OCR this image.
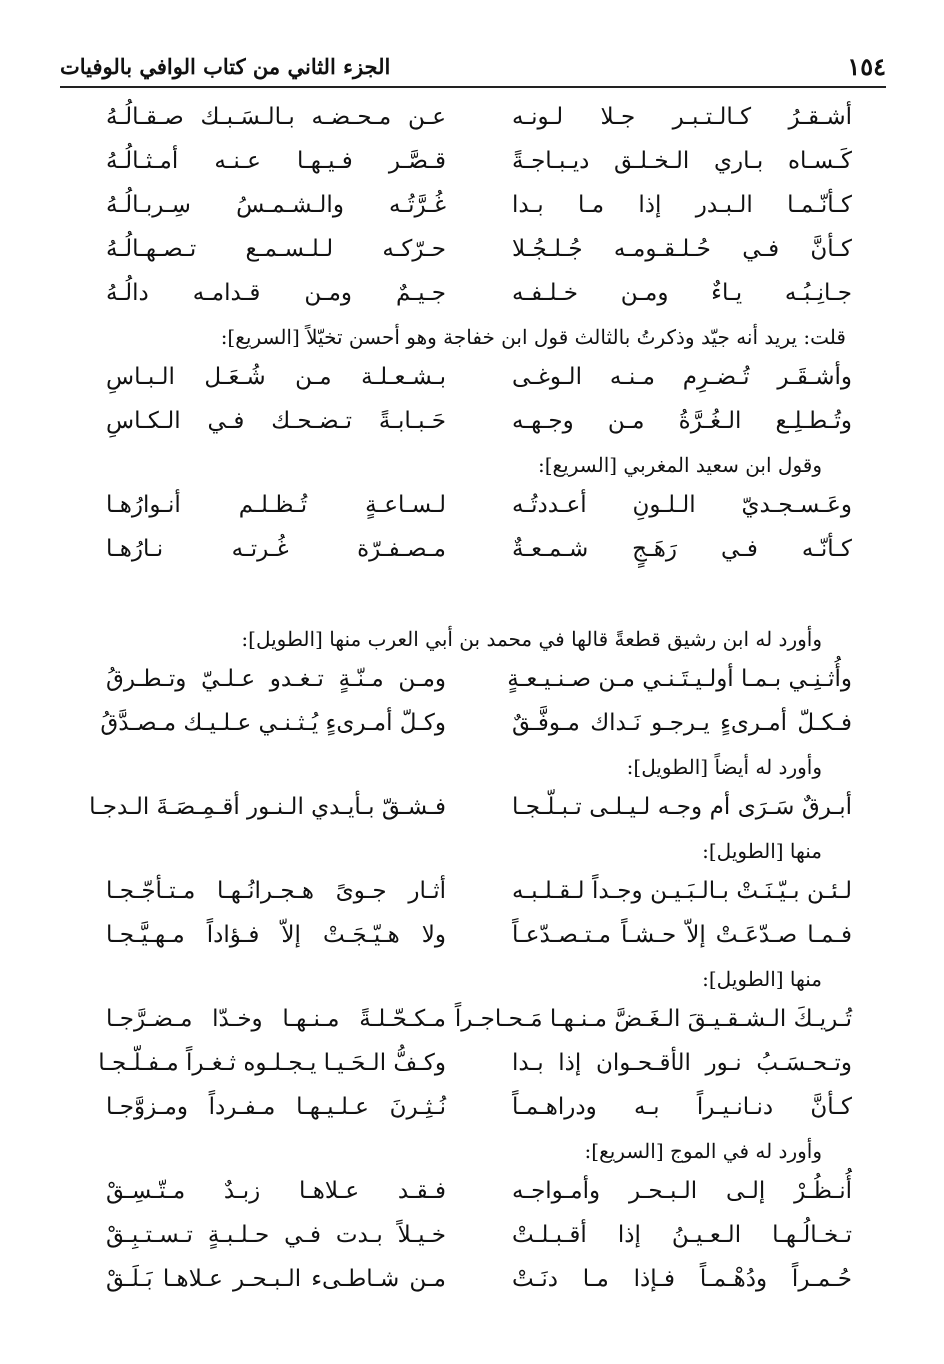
١٥٤
الجزء الثاني من كتاب الوافي بالوفيات
أشـقـرُ كـالـتـبـر جـلا لـونـه
عـن مـحـضـه بـالـسَـبـك صـقـالُـهُ
كَـسـاه بـاري الـخـلـق ديـبـاجـةً
قـصَّـر فـيـهـا عـنـه أمـثـالُـهُ
كـأنّـمـا الـبـدر إذا مـا بـدا
غُـرَّتُـه والـشـمـسُ سِـربـالُـهُ
كـأنَّ فـي حُـلـقـومـه جُـلـجُـلا
حـرّكـه لـلـسـمـع تـصـهـالُـهُ
جـانِـبُـه يـاءٌ ومـن خـلـفـه
جـيـمٌ ومـن قـدامـه دالُـهُ
قلت: يريد أنه جيّد وذكرتُ بالثالث قول ابن خفاجة وهو أحسن تخيّلاً [السريع]:
وأشـقَـر تُـضـرِم مـنـه الـوغـى
بـشـعـلـة مـن شُـعَـل الـبـاسِ
وتُـطـلِـع الـغُـرَّةُ مـن وجـهـه
حَـبـابـةً تـضـحـك فـي الـكـاسِ
وقول ابن سعيد المغربي [السريع]:
وعَـسـجـديّ الـلـونِ أعـددتُـه
لـسـاعـةٍ تُـظـلـم أنـوارُهـا
كـأنّـه فـي رَهَـجٍ شـمـعـةٌ
مـصـفـرّة غُـرتـه نـارُهـا
وأورد له ابن رشيق قطعةً قالها في محمد بن أبي العرب منها [الطويل]:
وأُثـنِـي بـمـا أولـيـتَـنـي مـن صـنـيـعـةٍ
ومـن مـنّـةٍ تـغـدو عـلـيّ وتـطـرقُ
فـكـلّ أمـرىءٍ يـرجـو نَـداك مـوفَّـقٌ
وكـلّ أمـرىءٍ يُـثـنـي عـلـيـك مـصـدَّقُ
وأورد له أيضاً [الطويل]:
أبـرقٌ سَـرَى أم وجـه لـيـلـى تـبـلّـجـا
فـشـقّ بـأيـدي الـنـور أقـمِـصَـةَ الـدجـا
منها [الطويل]:
لـئـن بـيّـنَـتْ بـالـبَـيـن وجـداً لـقـلـبـه
أثـار جـوىً هـجـرانُـهـا مـتـأجّـجـا
فـمـا صـدّعَـتْ إلاّ حـشـاً مـتـصـدّعـاً
ولا هـيّـجَـتْ إلاّ فـؤاداً مـهـيَّـجـا
منها [الطويل]:
تُـريـكَ الـشـقـيـقَ الـغَـضَّ مـنـهـا مَـحـاجـراً
مـكـحّـلـةً مـنـهـا وخـدّا مـضـرَّجـا
وتـحـسَـبُ نـور الأقـحـوان إذا بـدا
وكـفُّ الـحَـيـا يـجـلـوه ثـغـراً مـفـلّـجـا
كـأنَّ دنـانـيـراً بـه ودراهـمـاً
نُـثِـرنَ عـلـيـهـا مـفـرداً ومـزوَّجـا
وأورد له في الموج [السريع]:
أُنـظُـرْ إلـى الـبـحـر وأمـواجـه
فـقـد عـلاهـا زبـدٌ مـتّـسِـقْ
تـخـالُـهـا الـعـيـنُ إذا أقـبـلـتْ
خـيـلاً بـدت فـي حـلـبـةٍ تـسـتـبِـقْ
حُـمـراً ودُهْـمـاً فـإذا مـا دنَـتْ
مـن شـاطـىء الـبـحـر عـلاهـا بَـلَـقْ
